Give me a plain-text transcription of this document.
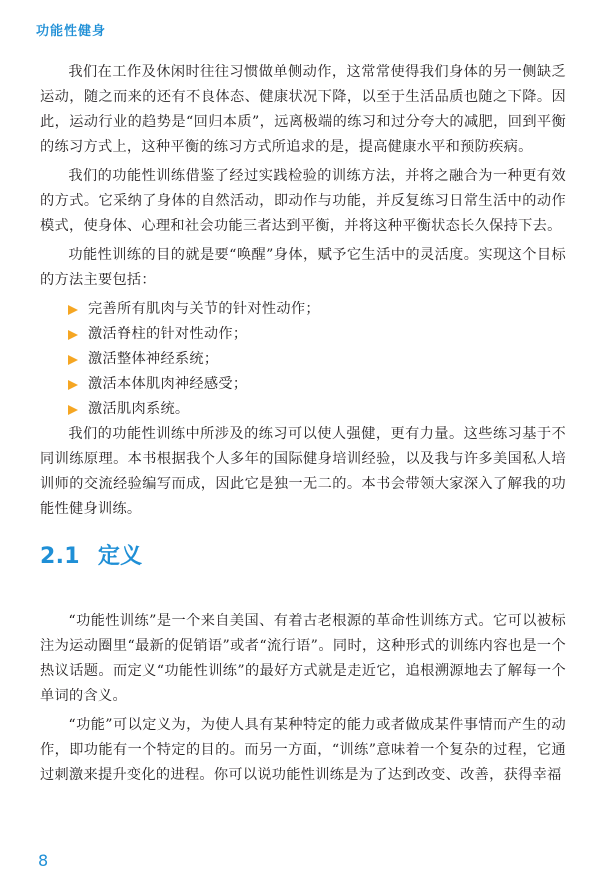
功能性健身

我们在工作及休闲时往往习惯做单侧动作，这常常使得我们身体的另一侧缺乏运动，随之而来的还有不良体态、健康状况下降，以至于生活品质也随之下降。因此，运动行业的趋势是“回归本质”，远离极端的练习和过分夸大的减肥，回到平衡的练习方式上，这种平衡的练习方式所追求的是，提高健康水平和预防疾病。

我们的功能性训练借鉴了经过实践检验的训练方法，并将之融合为一种更有效的方式。它采纳了身体的自然活动，即动作与功能，并反复练习日常生活中的动作模式，使身体、心理和社会功能三者达到平衡，并将这种平衡状态长久保持下去。

功能性训练的目的就是要“唤醒”身体，赋予它生活中的灵活度。实现这个目标的方法主要包括：

完善所有肌肉与关节的针对性动作；
激活脊柱的针对性动作；
激活整体神经系统；
激活本体肌肉神经感受；
激活肌肉系统。

我们的功能性训练中所涉及的练习可以使人强健，更有力量。这些练习基于不同训练原理。本书根据我个人多年的国际健身培训经验，以及我与许多美国私人培训师的交流经验编写而成，因此它是独一无二的。本书会带领大家深入了解我的功能性健身训练。

2.1 定义

“功能性训练”是一个来自美国、有着古老根源的革命性训练方式。它可以被标注为运动圈里“最新的促销语”或者“流行语”。同时，这种形式的训练内容也是一个热议话题。而定义“功能性训练”的最好方式就是走近它，追根溯源地去了解每一个单词的含义。

“功能”可以定义为，为使人具有某种特定的能力或者做成某件事情而产生的动作，即功能有一个特定的目的。而另一方面，“训练”意味着一个复杂的过程，它通过刺激来提升变化的进程。你可以说功能性训练是为了达到改变、改善，获得幸福

8
